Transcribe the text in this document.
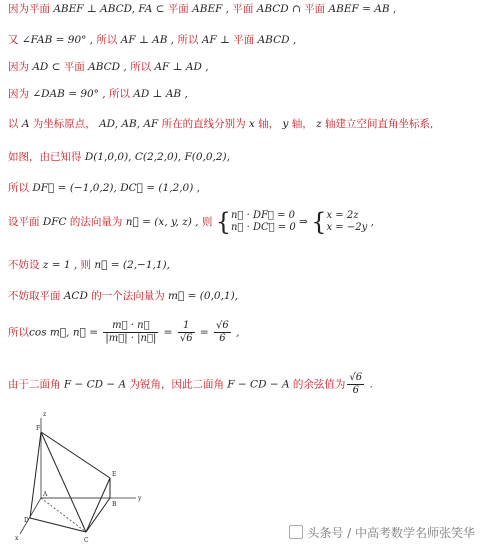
因为平面 ABEF ⊥ ABCD, FA ⊂ 平面 ABEF , 平面 ABCD ∩ 平面 ABEF = AB ,
又 ∠FAB = 90° , 所以 AF ⊥ AB , 所以 AF ⊥ 平面 ABCD ,
因为 AD ⊂ 平面 ABCD , 所以 AF ⊥ AD ,
因为 ∠DAB = 90° , 所以 AD ⊥ AB ,
以 A 为坐标原点， AD, AB, AF 所在的直线分别为 x 轴， y 轴， z 轴建立空间直角坐标系,
如图，由已知得 D(1,0,0), C(2,2,0), F(0,0,2),
所以 DF⃗ = (−1,0,2), DC⃗ = (1,2,0) ,
设平面 DFC 的法向量为 n⃗ = (x, y, z) , 则 { n⃗ · DF⃗ = 0
n⃗ · DC⃗ = 0 ⇒ { x = 2z
x = −2y ,
不妨设 z = 1 , 则 n⃗ = (2,−1,1),
不妨取平面 ACD 的一个法向量为 m⃗ = (0,0,1),
所以cos m⃗, n⃗ = $\frac{m⃗ \cdot n⃗}{|m⃗| \cdot |n⃗|} = \frac{1}{√6} = \frac{√6}{6}$ ,
由于二面角 F − CD − A 为锐角，因此二面角 F − CD − A 的余弦值为 $\frac{√6}{6}$ .
z
F
E
A
B
y
D
C
x	头条号 / 中高考数学名师张笑华
